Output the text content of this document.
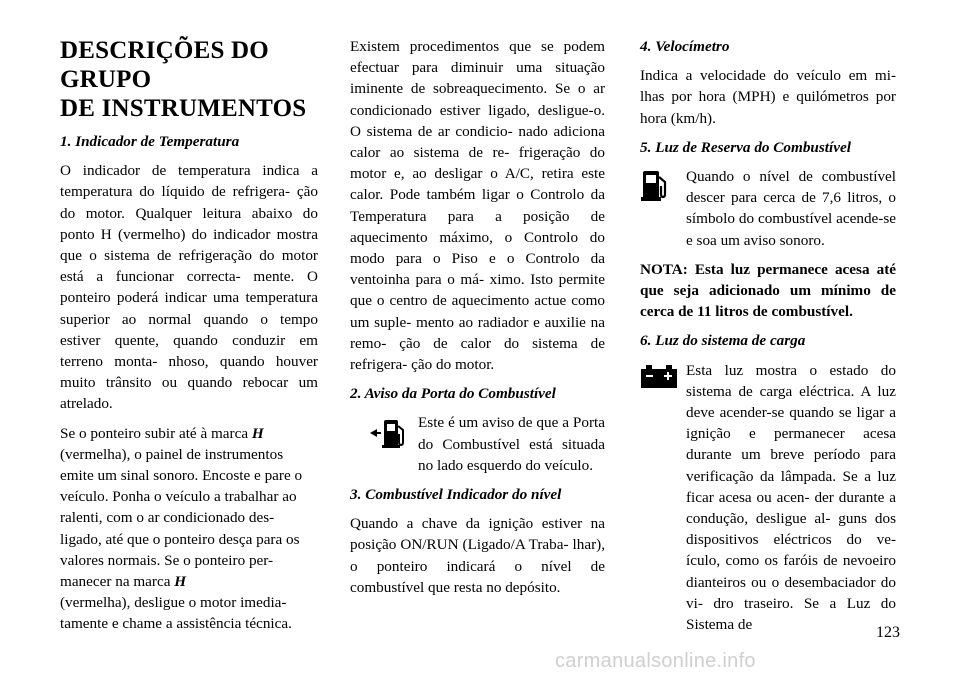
DESCRIÇÕES DO GRUPO
DE INSTRUMENTOS

1. Indicador de Temperatura

O indicador de temperatura indica a temperatura do líquido de refrigera- ção do motor. Qualquer leitura abaixo do ponto H (vermelho) do indicador mostra que o sistema de refrigeração do motor está a funcionar correcta- mente. O ponteiro poderá indicar uma temperatura superior ao normal quando o tempo estiver quente, quando conduzir em terreno monta- nhoso, quando houver muito trânsito ou quando rebocar um atrelado.

Se o ponteiro subir até à marca H (vermelha), o painel de instrumentos emite um sinal sonoro. Encoste e pare o veículo. Ponha o veículo a trabalhar ao ralenti, com o ar condicionado des- ligado, até que o ponteiro desça para os valores normais. Se o ponteiro per- manecer na marca H
(vermelha), desligue o motor imedia- tamente e chame a assistência técnica.

Existem procedimentos que se podem efectuar para diminuir uma situação iminente de sobreaquecimento. Se o ar condicionado estiver ligado, desligue-o. O sistema de ar condicio- nado adiciona calor ao sistema de re- frigeração do motor e, ao desligar o A/C, retira este calor. Pode também ligar o Controlo da Temperatura para a posição de aquecimento máximo, o Controlo do modo para o Piso e o Controlo da ventoinha para o má- ximo. Isto permite que o centro de aquecimento actue como um suple- mento ao radiador e auxilie na remo- ção de calor do sistema de refrigera- ção do motor.

2. Aviso da Porta do Combustível

Este é um aviso de que a Porta do Combustível está situada no lado esquerdo do veículo.

3. Combustível Indicador do nível

Quando a chave da ignição estiver na posição ON/RUN (Ligado/A Traba- lhar), o ponteiro indicará o nível de combustível que resta no depósito.

4. Velocímetro

Indica a velocidade do veículo em mi- lhas por hora (MPH) e quilómetros por hora (km/h).

5. Luz de Reserva do Combustível

Quando o nível de combustível descer para cerca de 7,6 litros, o símbolo do combustível acende-se e soa um aviso sonoro.

NOTA: Esta luz permanece acesa até que seja adicionado um mínimo de cerca de 11 litros de combustível.

6. Luz do sistema de carga

Esta luz mostra o estado do sistema de carga eléctrica. A luz deve acender-se quando se ligar a ignição e permanecer acesa durante um breve período para verificação da lâmpada. Se a luz ficar acesa ou acen- der durante a condução, desligue al- guns dos dispositivos eléctricos do ve- ículo, como os faróis de nevoeiro dianteiros ou o desembaciador do vi- dro traseiro. Se a Luz do Sistema de	123
carmanualsonline.info
